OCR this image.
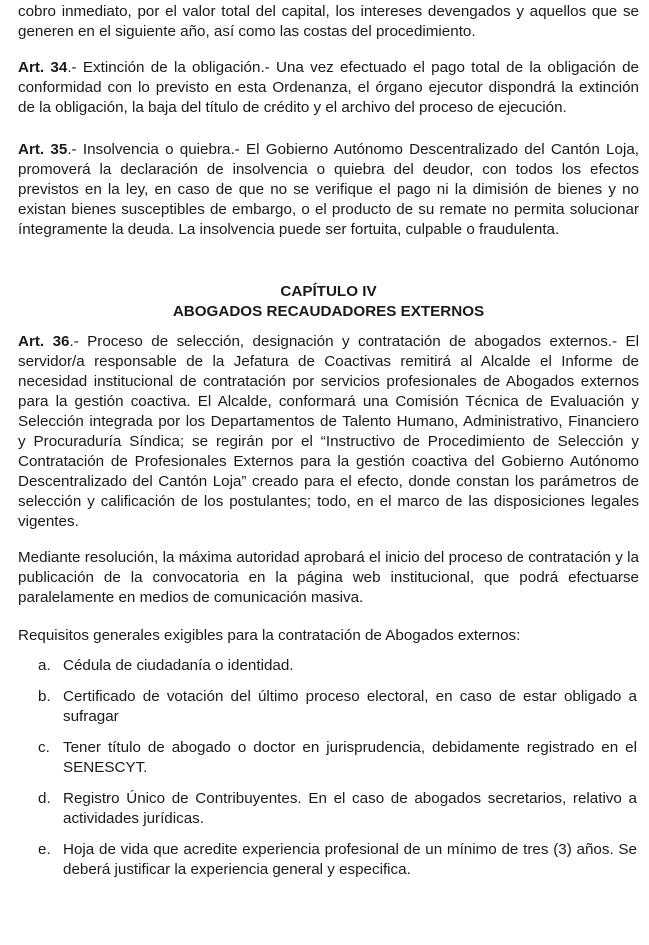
cobro inmediato, por el valor total del capital, los intereses devengados y aquellos que se generen en el siguiente año, así como las costas del procedimiento.

Art. 34.- Extinción de la obligación.- Una vez efectuado el pago total de la obligación de conformidad con lo previsto en esta Ordenanza, el órgano ejecutor dispondrá la extinción de la obligación, la baja del título de crédito y el archivo del proceso de ejecución.

Art. 35.- Insolvencia o quiebra.- El Gobierno Autónomo Descentralizado del Cantón Loja, promoverá la declaración de insolvencia o quiebra del deudor, con todos los efectos previstos en la ley, en caso de que no se verifique el pago ni la dimisión de bienes y no existan bienes susceptibles de embargo, o el producto de su remate no permita solucionar íntegramente la deuda. La insolvencia puede ser fortuita, culpable o fraudulenta.

CAPÍTULO IV

ABOGADOS RECAUDADORES EXTERNOS

Art. 36.- Proceso de selección, designación y contratación de abogados externos.- El servidor/a responsable de la Jefatura de Coactivas remitirá al Alcalde el Informe de necesidad institucional de contratación por servicios profesionales de Abogados externos para la gestión coactiva. El Alcalde, conformará una Comisión Técnica de Evaluación y Selección integrada por los Departamentos de Talento Humano, Administrativo, Financiero y Procuraduría Síndica; se regirán por el “Instructivo de Procedimiento de Selección y Contratación de Profesionales Externos para la gestión coactiva del Gobierno Autónomo Descentralizado del Cantón Loja” creado para el efecto, donde constan los parámetros de selección y calificación de los postulantes; todo, en el marco de las disposiciones legales vigentes.

Mediante resolución, la máxima autoridad aprobará el inicio del proceso de contratación y la publicación de la convocatoria en la página web institucional, que podrá efectuarse paralelamente en medios de comunicación masiva.

Requisitos generales exigibles para la contratación de Abogados externos:

a. Cédula de ciudadanía o identidad.
b. Certificado de votación del último proceso electoral, en caso de estar obligado a sufragar
c. Tener título de abogado o doctor en jurisprudencia, debidamente registrado en el SENESCYT.
d. Registro Único de Contribuyentes. En el caso de abogados secretarios, relativo a actividades jurídicas.
e. Hoja de vida que acredite experiencia profesional de un mínimo de tres (3) años. Se deberá justificar la experiencia general y especifica.
